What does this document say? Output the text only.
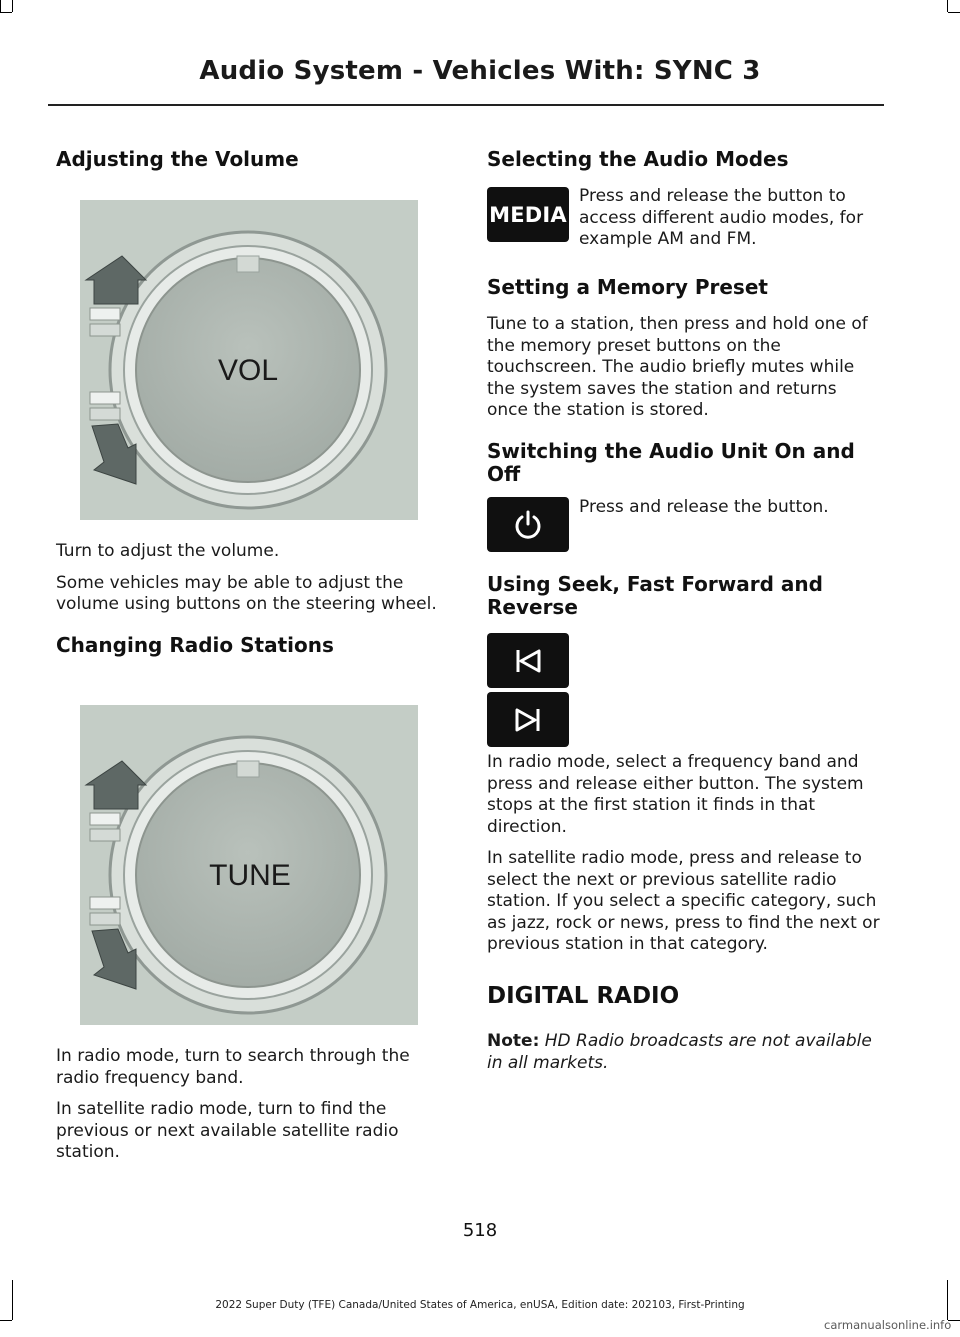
Audio System - Vehicles With: SYNC 3
Adjusting the Volume
VOL

Turn to adjust the volume.

Some vehicles may be able to adjust the volume using buttons on the steering wheel.

Changing Radio Stations
TUNE

In radio mode, turn to search through the radio frequency band.

In satellite radio mode, turn to find the previous or next available satellite radio station.

Selecting the Audio Modes
MEDIA

Press and release the button to access different audio modes, for example AM and FM.

Setting a Memory Preset

Tune to a station, then press and hold one of the memory preset buttons on the touchscreen. The audio briefly mutes while the system saves the station and returns once the station is stored.

Switching the Audio Unit On and Off

Press and release the button.

Using Seek, Fast Forward and Reverse

In radio mode, select a frequency band and press and release either button. The system stops at the first station it finds in that direction.

In satellite radio mode, press and release to select the next or previous satellite radio station. If you select a specific category, such as jazz, rock or news, press to find the next or previous station in that category.

DIGITAL RADIO

Note: HD Radio broadcasts are not available in all markets.

518
2022 Super Duty (TFE) Canada/United States of America, enUSA, Edition date: 202103, First-Printing
carmanualsonline.info
